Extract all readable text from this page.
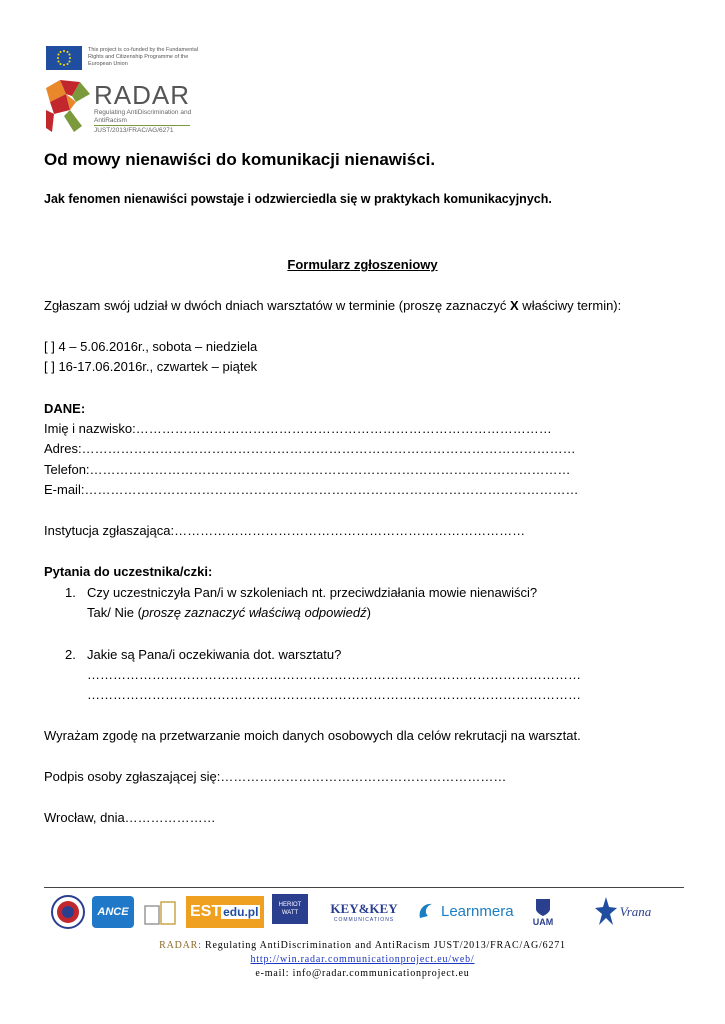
This project is co-funded by the Fundamental Rights and Citizenship Programme of the European Union
RADAR
Regulating AntiDiscrimination and AntiRacism
JUST/2013/FRAC/AG/6271
Od mowy nienawiści do komunikacji nienawiści.
Jak fenomen nienawiści powstaje i odzwierciedla się w praktykach komunikacyjnych.
Formularz zgłoszeniowy
Zgłaszam swój udział w dwóch dniach warsztatów w terminie (proszę zaznaczyć X właściwy termin):
[ ] 4 – 5.06.2016r., sobota – niedziela
[ ] 16-17.06.2016r., czwartek – piątek
DANE:
Imię i nazwisko:……………………………………………………………………………………
Adres:……………………………………………………………………………………………………
Telefon:…………………………………………………………………………………………………
E-mail:……………………………………………………………………………………………………
Instytucja zgłaszająca:………………………………………………………………………
Pytania do uczestnika/czki:
1. Czy uczestniczyła Pan/i w szkoleniach nt. przeciwdziałania mowie nienawiści?
Tak/ Nie (proszę zaznaczyć właściwą odpowiedź)
2. Jakie są Pana/i oczekiwania dot. warsztatu?
……………………………………………………………………………………………………
……………………………………………………………………………………………………
Wyrażam zgodę na przetwarzanie moich danych osobowych dla celów rekrutacji na warsztat.
Podpis osoby zgłaszającej się:…………………………………………………………
Wrocław, dnia…………………
ANCE	EST edu.pl	HERIOT WATT	KEY&KEY
COMMUNICATIONS
Learnmera
UAM
Vrana
RADAR: Regulating AntiDiscrimination and AntiRacism JUST/2013/FRAC/AG/6271
http://win.radar.communicationproject.eu/web/
e-mail: info@radar.communicationproject.eu
